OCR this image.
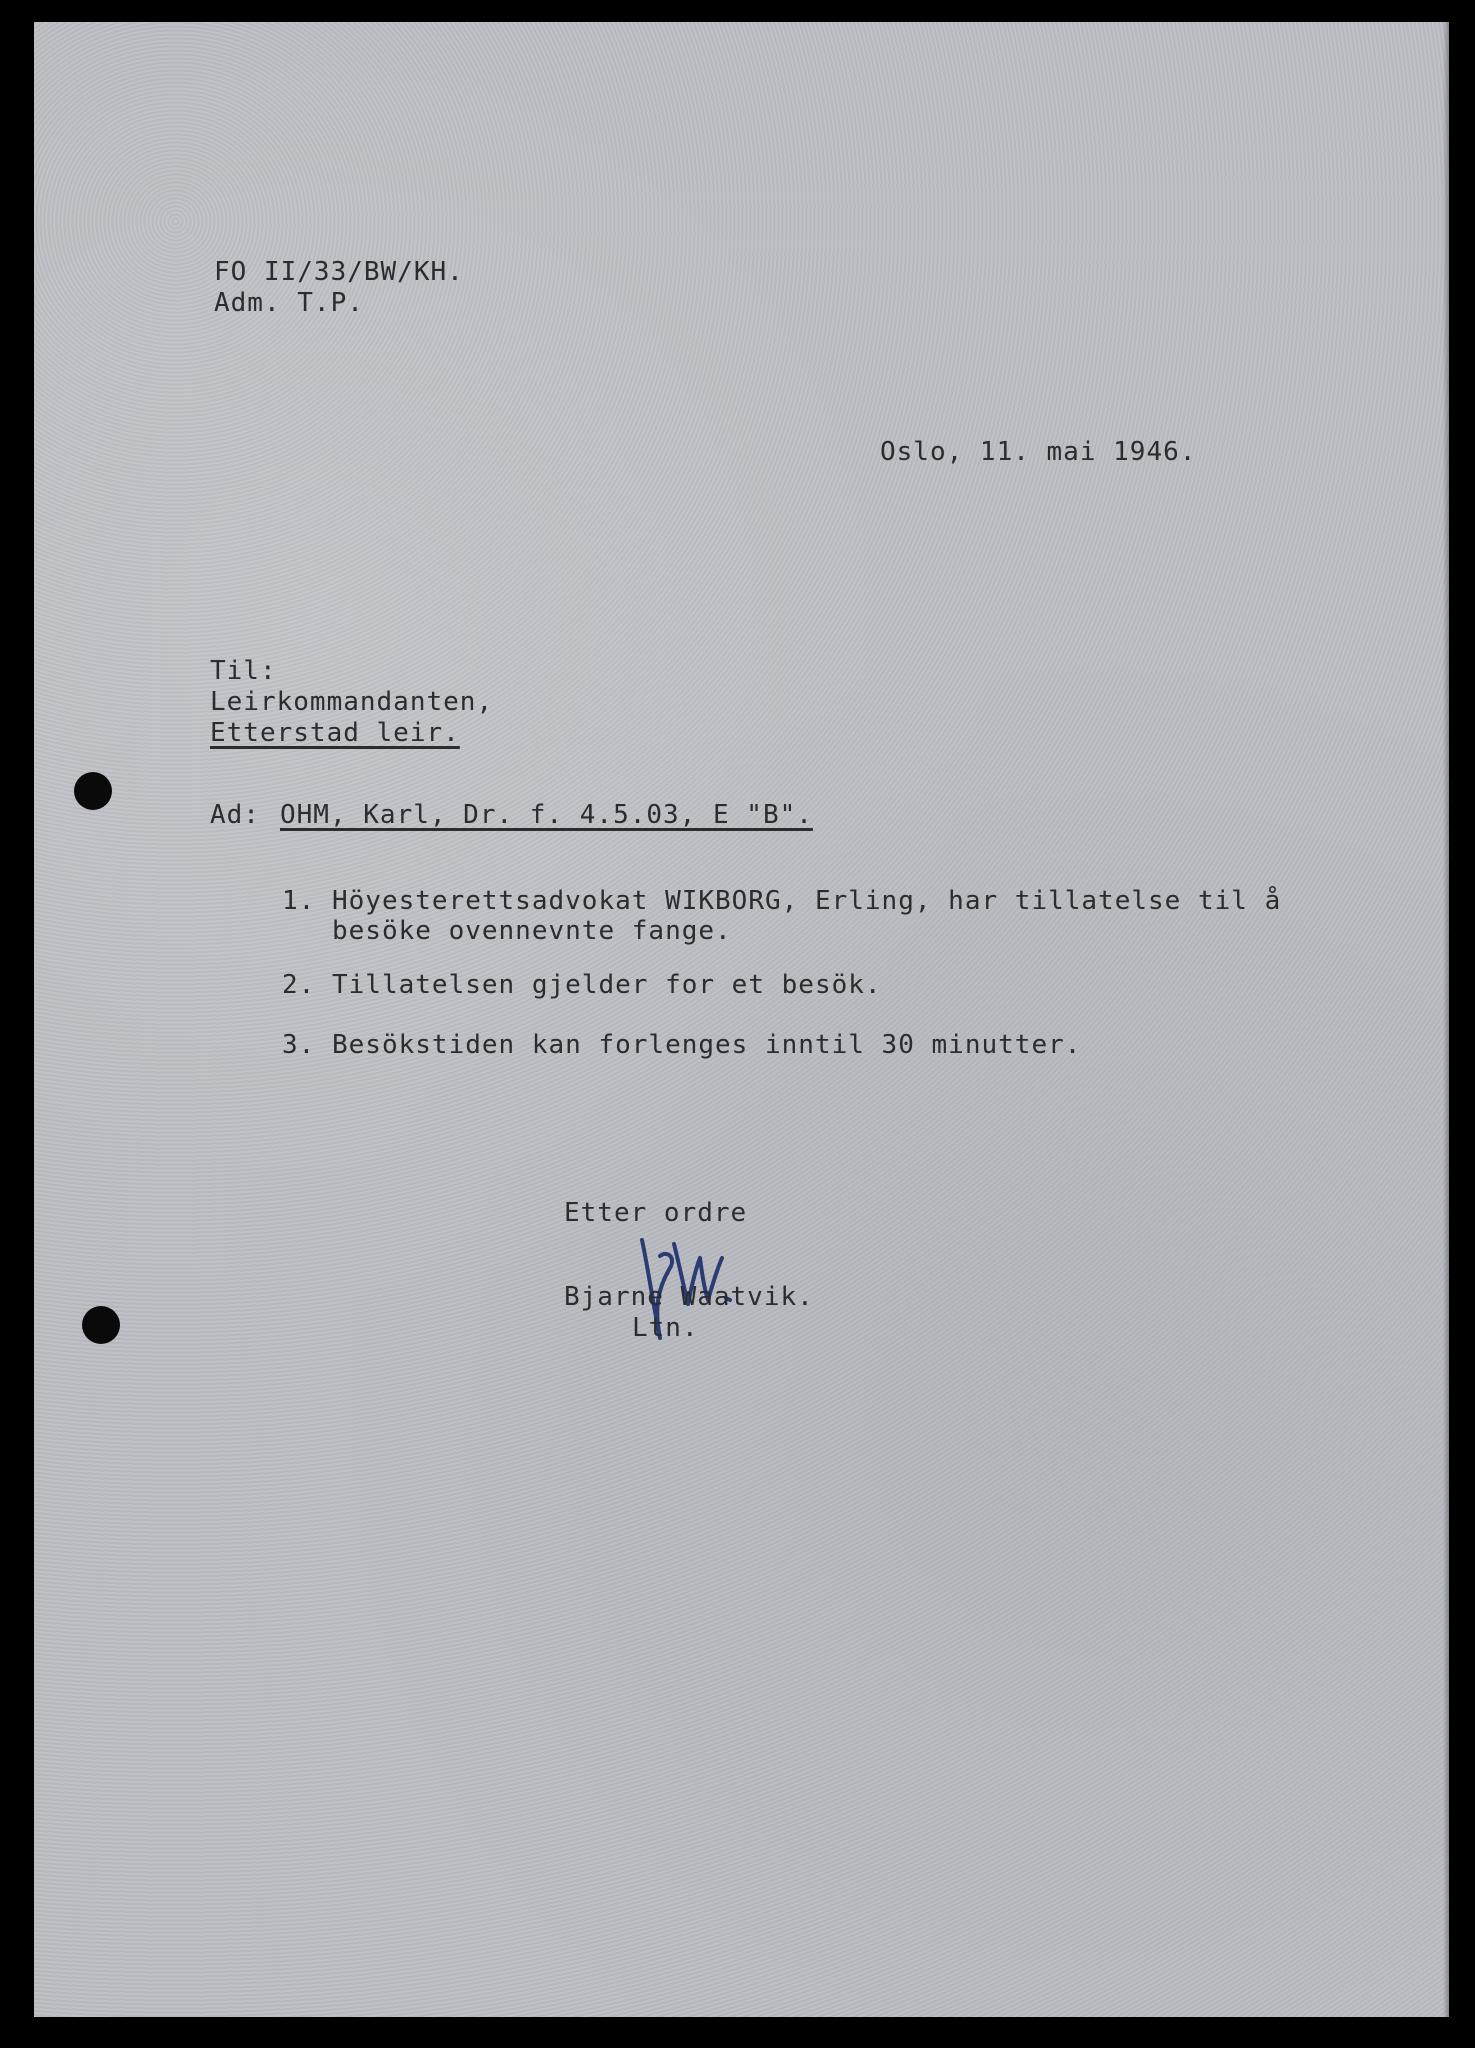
FO II/33/BW/KH.
Adm. T.P.
Oslo, 11. mai 1946.
Til:
Leirkommandanten,
Etterstad leir.
Ad: OHM, Karl, Dr. f. 4.5.03, E "B".
1. Höyesterettsadvokat WIKBORG, Erling, har tillatelse til å
besöke ovennevnte fange.
2. Tillatelsen gjelder for et besök.
3. Besökstiden kan forlenges inntil 30 minutter.
Etter ordre
Bjarne Waatvik.
Ltn.
